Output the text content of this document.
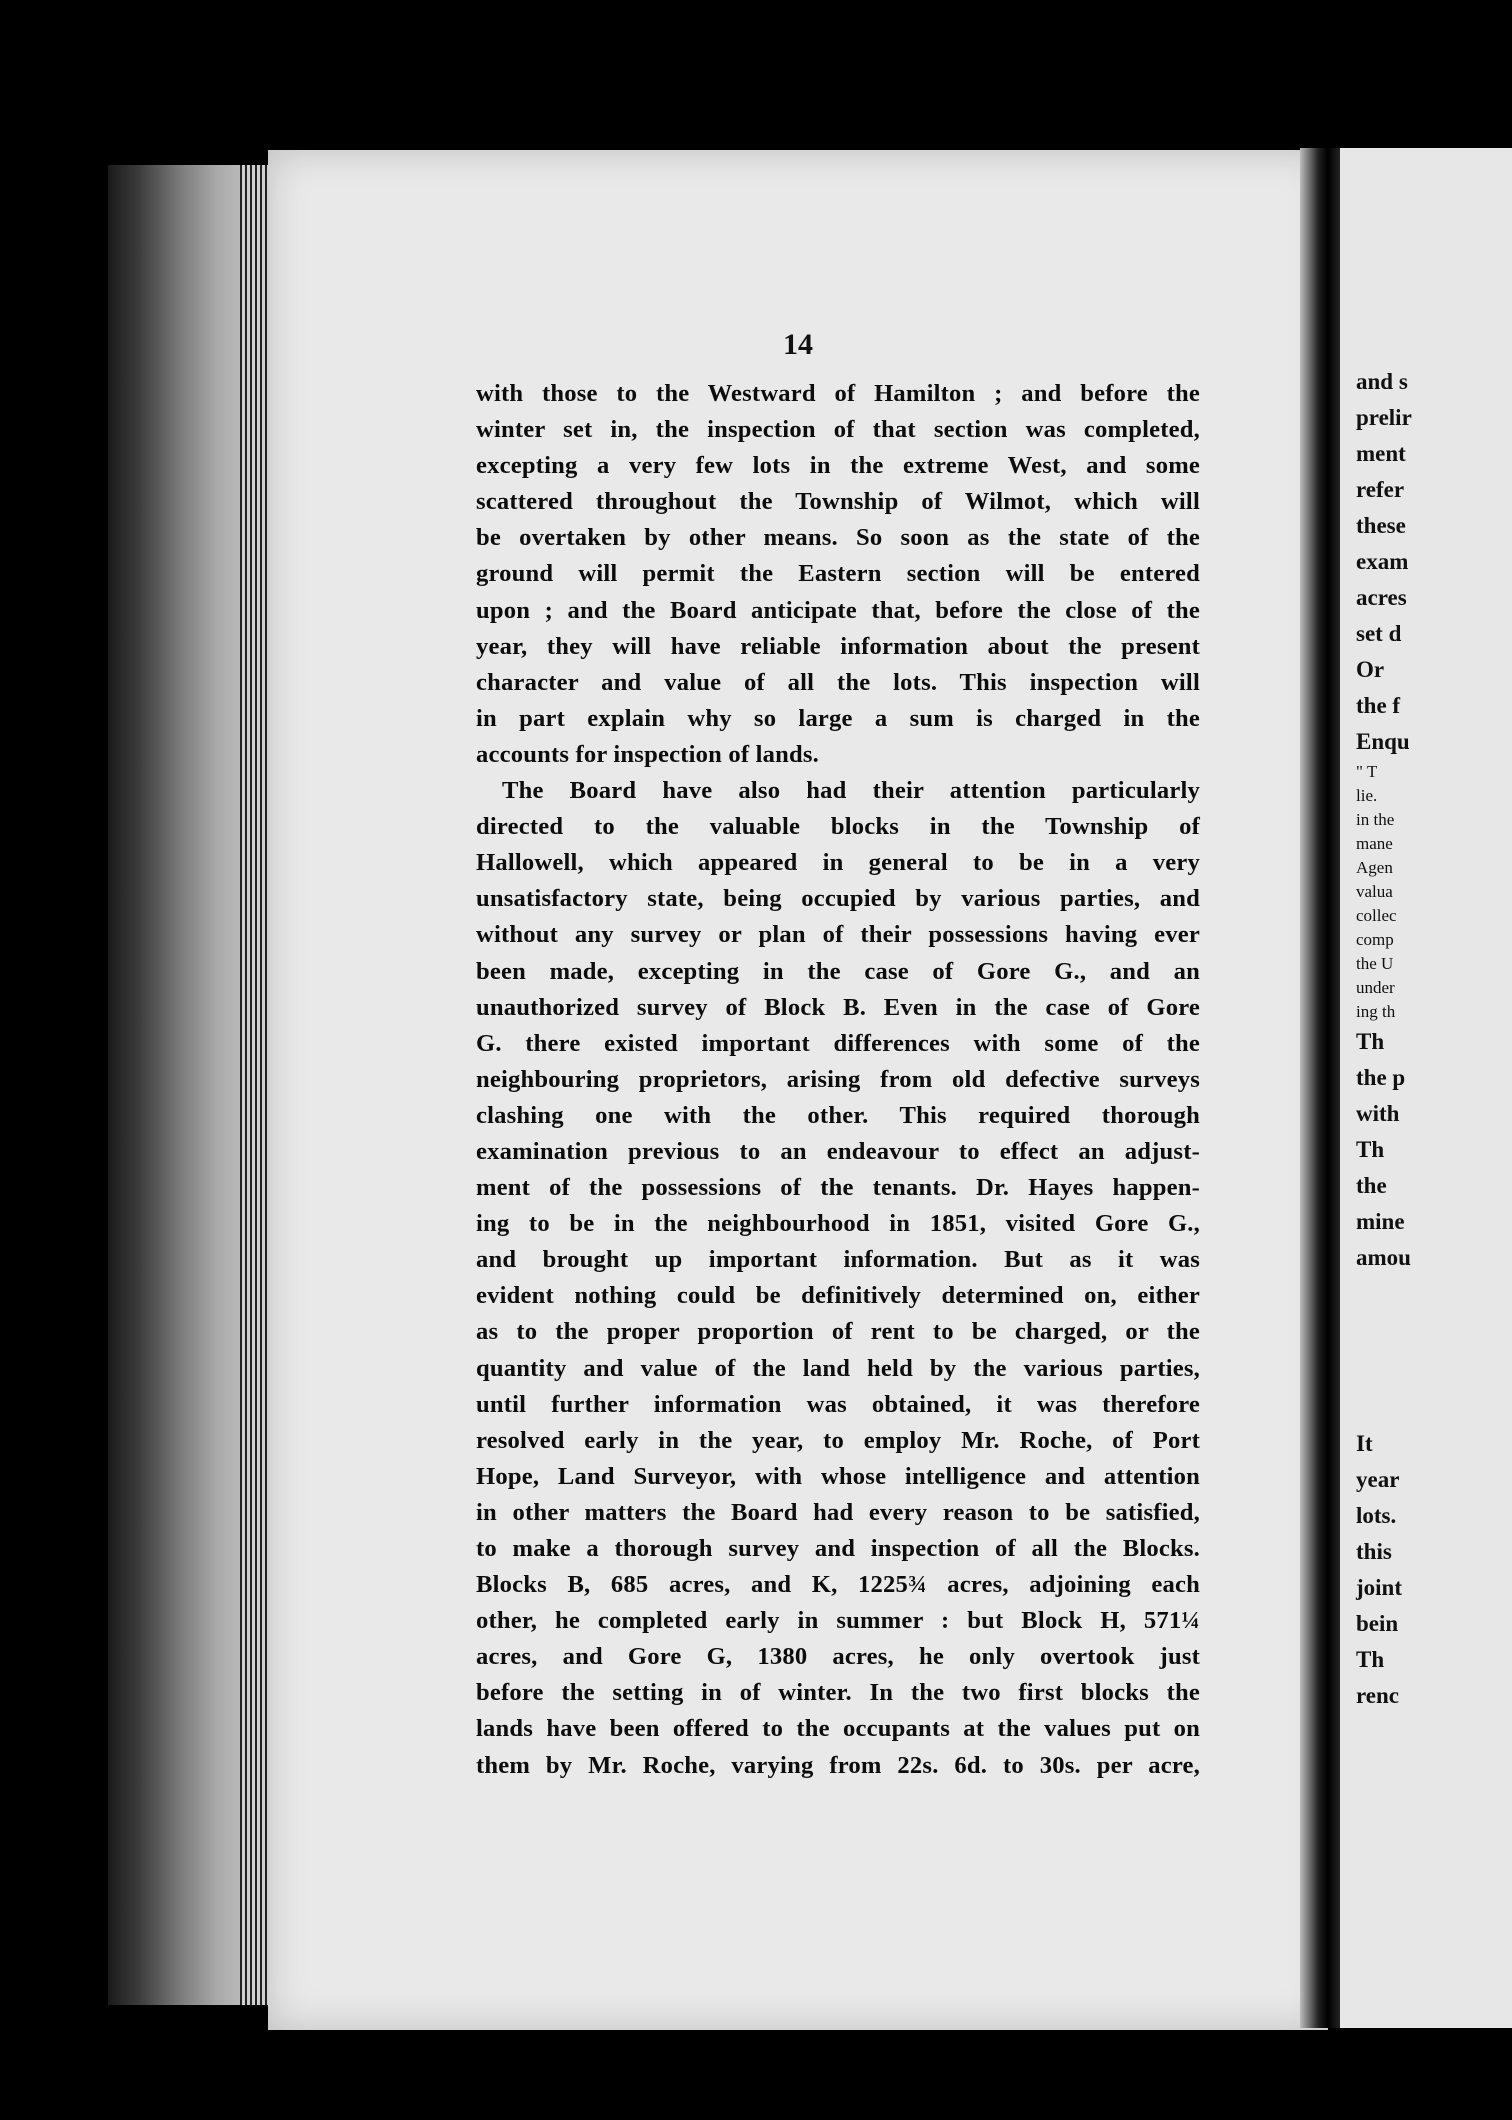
14
with those to the Westward of Hamilton ; and before the
winter set in, the inspection of that section was completed,
excepting a very few lots in the extreme West, and some
scattered throughout the Township of Wilmot, which will
be overtaken by other means. So soon as the state of the
ground will permit the Eastern section will be entered
upon ; and the Board anticipate that, before the close of the
year, they will have reliable information about the present
character and value of all the lots. This inspection will
in part explain why so large a sum is charged in the
accounts for inspection of lands.
The Board have also had their attention particularly
directed to the valuable blocks in the Township of
Hallowell, which appeared in general to be in a very
unsatisfactory state, being occupied by various parties, and
without any survey or plan of their possessions having ever
been made, excepting in the case of Gore G., and an
unauthorized survey of Block B. Even in the case of Gore
G. there existed important differences with some of the
neighbouring proprietors, arising from old defective surveys
clashing one with the other. This required thorough
examination previous to an endeavour to effect an adjust-
ment of the possessions of the tenants. Dr. Hayes happen-
ing to be in the neighbourhood in 1851, visited Gore G.,
and brought up important information. But as it was
evident nothing could be definitively determined on, either
as to the proper proportion of rent to be charged, or the
quantity and value of the land held by the various parties,
until further information was obtained, it was therefore
resolved early in the year, to employ Mr. Roche, of Port
Hope, Land Surveyor, with whose intelligence and attention
in other matters the Board had every reason to be satisfied,
to make a thorough survey and inspection of all the Blocks.
Blocks B, 685 acres, and K, 1225¾ acres, adjoining each
other, he completed early in summer : but Block H, 571¼
acres, and Gore G, 1380 acres, he only overtook just
before the setting in of winter. In the two first blocks the
lands have been offered to the occupants at the values put on
them by Mr. Roche, varying from 22s. 6d. to 30s. per acre,
and s
prelir
ment
refer
these
exam
acres
set d
Or
the f
Enqu
" T
lie.
in the
mane
Agen
valua
collec
comp
the U
under
ing th
Th
the p
with
Th
the
mine
amou
It
year
lots.
this
joint
bein
Th
renc
